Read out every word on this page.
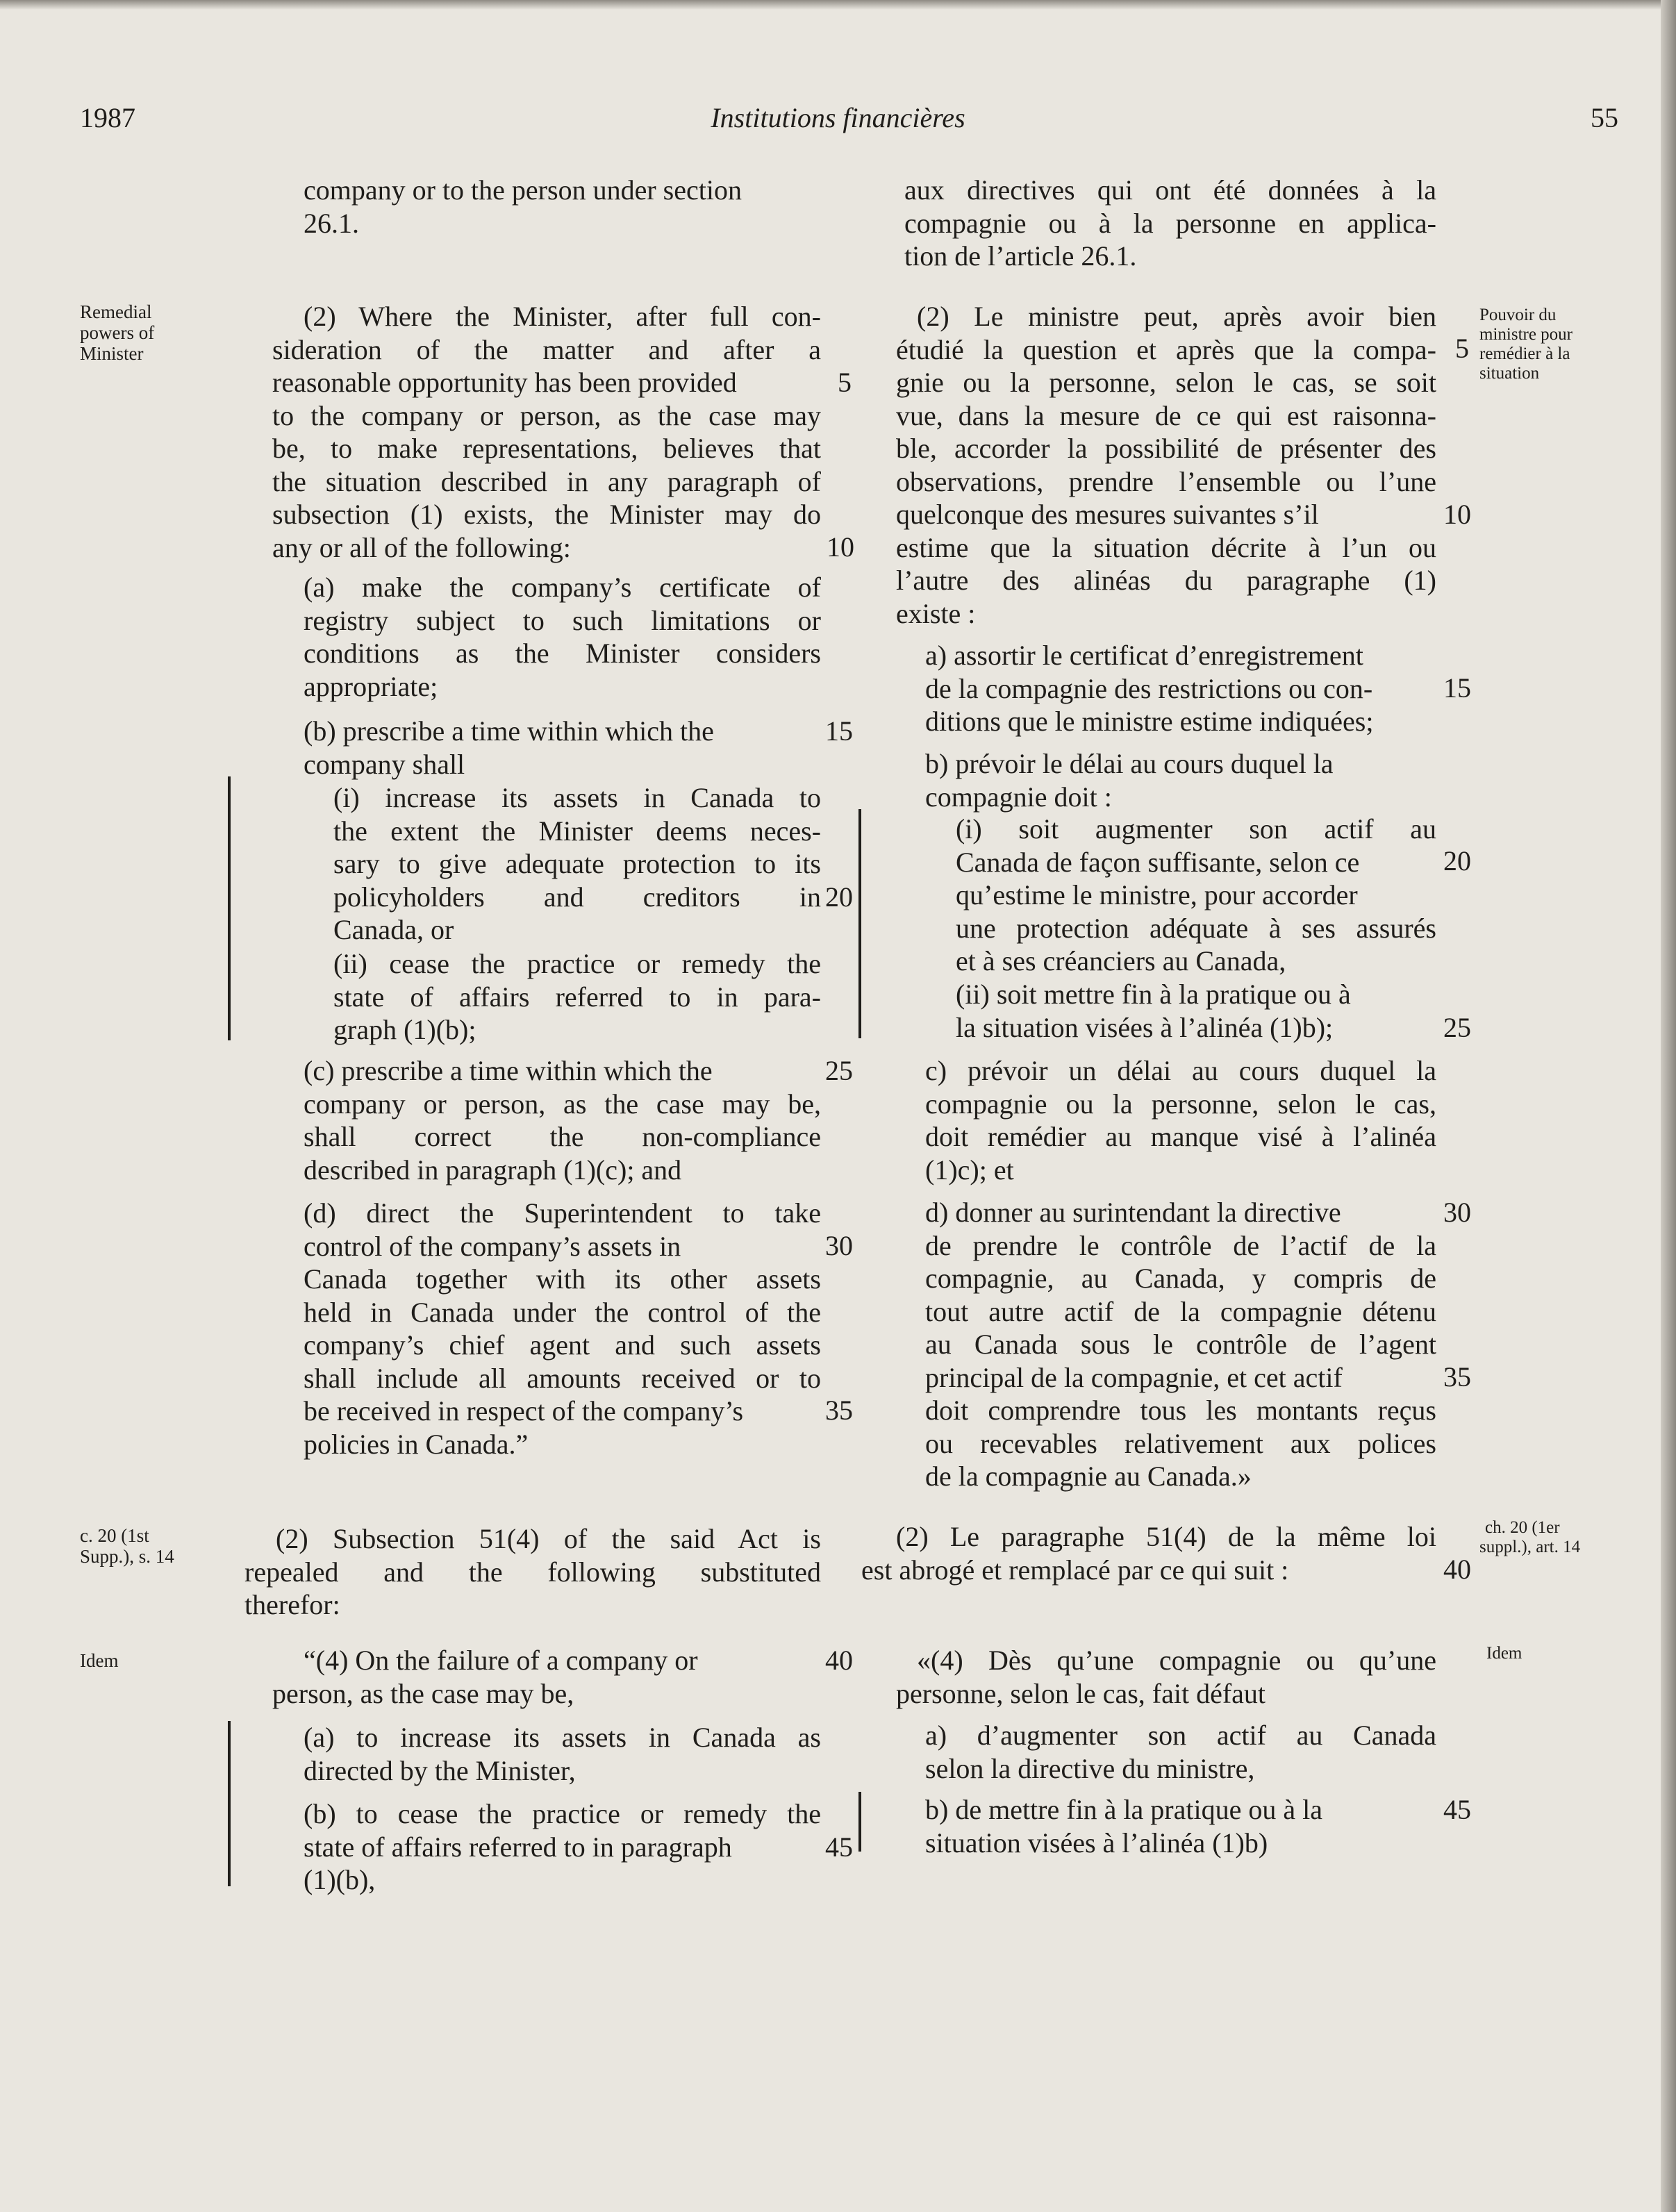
1987	Institutions financières	55
Remedial
powers of
Minister
Pouvoir du
ministre pour
remédier à la
situation
c. 20 (1st
Supp.), s. 14
ch. 20 (1er
suppl.), art. 14
Idem	Idem
5
10
15
20
25
30
35
40
45
5
10
15
20
25
30
35
40
45
company or to the person under section
26.1.
(2) Where the Minister, after full con-
sideration of the matter and after a
reasonable opportunity has been provided
to the company or person, as the case may
be, to make representations, believes that
the situation described in any paragraph of
subsection (1) exists, the Minister may do
any or all of the following:
(a) make the company’s certificate of
registry subject to such limitations or
conditions as the Minister considers
appropriate;
(b) prescribe a time within which the
company shall
(i) increase its assets in Canada to
the extent the Minister deems neces-
sary to give adequate protection to its
policyholders and creditors in
Canada, or
(ii) cease the practice or remedy the
state of affairs referred to in para-
graph (1)(b);
(c) prescribe a time within which the
company or person, as the case may be,
shall correct the non-compliance
described in paragraph (1)(c); and
(d) direct the Superintendent to take
control of the company’s assets in
Canada together with its other assets
held in Canada under the control of the
company’s chief agent and such assets
shall include all amounts received or to
be received in respect of the company’s
policies in Canada.”
(2) Subsection 51(4) of the said Act is
repealed and the following substituted
therefor:
“(4) On the failure of a company or
person, as the case may be,
(a) to increase its assets in Canada as
directed by the Minister,
(b) to cease the practice or remedy the
state of affairs referred to in paragraph
(1)(b),
aux directives qui ont été données à la
compagnie ou à la personne en applica-
tion de l’article 26.1.
(2) Le ministre peut, après avoir bien
étudié la question et après que la compa-
gnie ou la personne, selon le cas, se soit
vue, dans la mesure de ce qui est raisonna-
ble, accorder la possibilité de présenter des
observations, prendre l’ensemble ou l’une
quelconque des mesures suivantes s’il
estime que la situation décrite à l’un ou
l’autre des alinéas du paragraphe (1)
existe :
a) assortir le certificat d’enregistrement
de la compagnie des restrictions ou con-
ditions que le ministre estime indiquées;
b) prévoir le délai au cours duquel la
compagnie doit :
(i) soit augmenter son actif au
Canada de façon suffisante, selon ce
qu’estime le ministre, pour accorder
une protection adéquate à ses assurés
et à ses créanciers au Canada,
(ii) soit mettre fin à la pratique ou à
la situation visées à l’alinéa (1)b);
c) prévoir un délai au cours duquel la
compagnie ou la personne, selon le cas,
doit remédier au manque visé à l’alinéa
(1)c); et
d) donner au surintendant la directive
de prendre le contrôle de l’actif de la
compagnie, au Canada, y compris de
tout autre actif de la compagnie détenu
au Canada sous le contrôle de l’agent
principal de la compagnie, et cet actif
doit comprendre tous les montants reçus
ou recevables relativement aux polices
de la compagnie au Canada.»
(2) Le paragraphe 51(4) de la même loi
est abrogé et remplacé par ce qui suit :
«(4) Dès qu’une compagnie ou qu’une
personne, selon le cas, fait défaut
a) d’augmenter son actif au Canada
selon la directive du ministre,
b) de mettre fin à la pratique ou à la
situation visées à l’alinéa (1)b)
